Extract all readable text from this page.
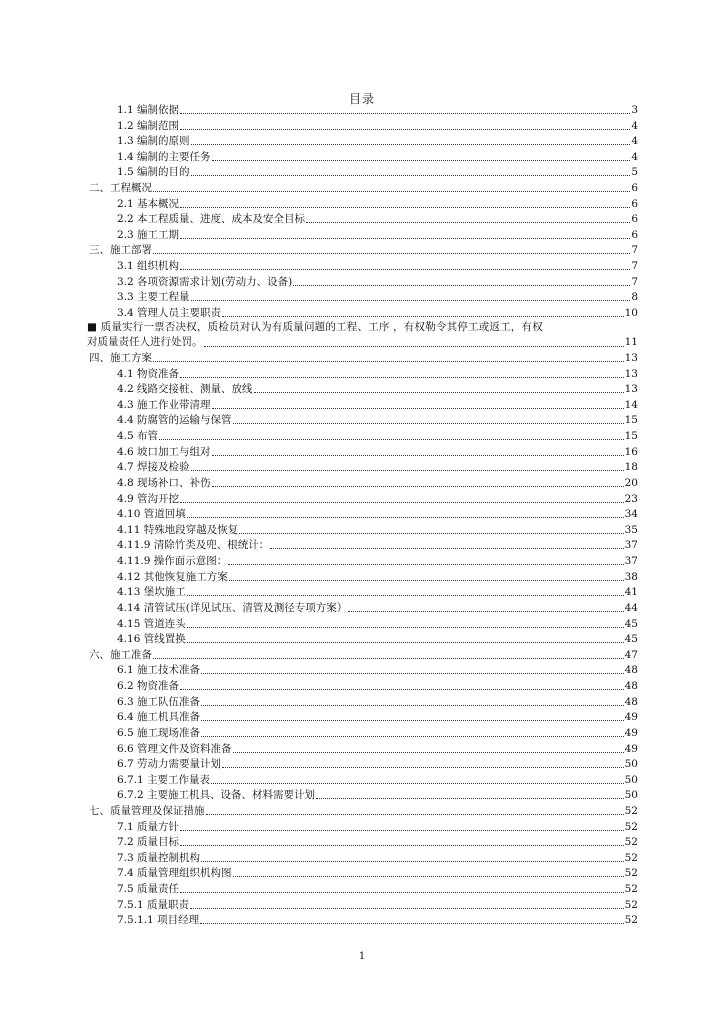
目录
1.1 编制依据	3
1.2 编制范围	4
1.3 编制的原则	4
1.4 编制的主要任务	4
1.5 编制的目的	5
二、工程概况	6
2.1 基本概况	6
2.2 本工程质量、进度、成本及安全目标	6
2.3 施工工期	6
三、施工部署	7
3.1 组织机构	7
3.2 各项资源需求计划(劳动力、设备)	7
3.3 主要工程量	8
3.4 管理人员主要职责	10
■ 质量实行一票否决权，质检员对认为有质量问题的工程、工序 ，有权勒令其停工或返工，有权
对质量责任人进行处罚。	11
四、施工方案	13
4.1 物资准备	13
4.2 线路交接桩、测量、放线	13
4.3 施工作业带清理	14
4.4 防腐管的运输与保管	15
4.5 布管	15
4.6 坡口加工与组对	16
4.7 焊接及检验	18
4.8 现场补口、补伤	20
4.9 管沟开挖	23
4.10 管道回填	34
4.11 特殊地段穿越及恢复	35
4.11.9 清除竹类及兜、根统计：	37
4.11.9 操作面示意图：	37
4.12 其他恢复施工方案	38
4.13 堡坎施工	41
4.14 清管试压(详见试压、清管及测径专项方案）	44
4.15 管道连头	45
4.16 管线置换	45
六、施工准备	47
6.1 施工技术准备	48
6.2 物资准备	48
6.3 施工队伍准备	48
6.4 施工机具准备	49
6.5 施工现场准备	49
6.6 管理文件及资料准备	49
6.7 劳动力需要量计划	50
6.7.1 主要工作量表	50
6.7.2 主要施工机具、设备、材料需要计划	50
七、质量管理及保证措施	52
7.1 质量方针	52
7.2 质量目标	52
7.3 质量控制机构	52
7.4 质量管理组织机构图	52
7.5 质量责任	52
7.5.1 质量职责	52
7.5.1.1 项目经理	52
1
